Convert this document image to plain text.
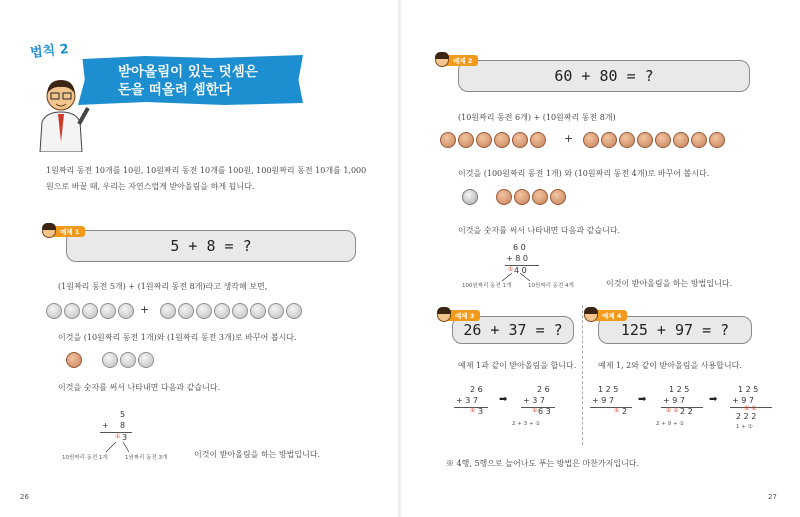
법칙 2
받아올림이 있는 덧셈은
돈을 떠올려 셈한다
1원짜리 동전 10개를 10원, 10원짜리 동전 10개를 100원, 100원짜리 동전 10개를 1,000
원으로 바꿀 때, 우리는 자연스럽게 받아올림을 하게 됩니다.
5 + 8 = ?
예제 1
(1원짜리 동전 5개) + (1원짜리 동전 8개)라고 생각해 보면,
+
이것을 (10원짜리 동전 1개)와 (1원짜리 동전 3개)로 바꾸어 봅시다.

이것을 숫자를 써서 나타내면 다음과 같습니다.
5
+ 8
① 3
10원짜리 동전 1개	1원짜리 동전 3개	이것이 받아올림을 하는 방법입니다.
26
60 + 80 = ?
예제 2
(10원짜리 동전 6개) + (10원짜리 동전 8개)
+
이것을 (100원짜리 동전 1개) 와 (10원짜리 동전 4개)로 바꾸어 봅시다.

이것을 숫자를 써서 나타내면 다음과 같습니다.
6 0
+ 8 0
① 4 0
100원짜리 동전 1개	10원짜리 동전 4개	이것이 받아올림을 하는 방법입니다.
26 + 37 = ?
예제 3
125 + 97 = ?
예제 4
예제 1과 같이 받아올림을 합니다.	예제 1, 2와 같이 받아올림을 사용합니다.
2 6
+ 3 7
① 3
➡
2 6
+ 3 7
① 6 3
2 + 3 + ①
1 2 5
+ 9 7
① 2
➡
1 2 5
+ 9 7
① ① 2 2
2 + 9 + ①
➡
1 2 5
+ 9 7
① ①
2 2 2
1 + ①
※ 4행, 5행으로 늘어나도 푸는 방법은 마찬가지입니다.
27
